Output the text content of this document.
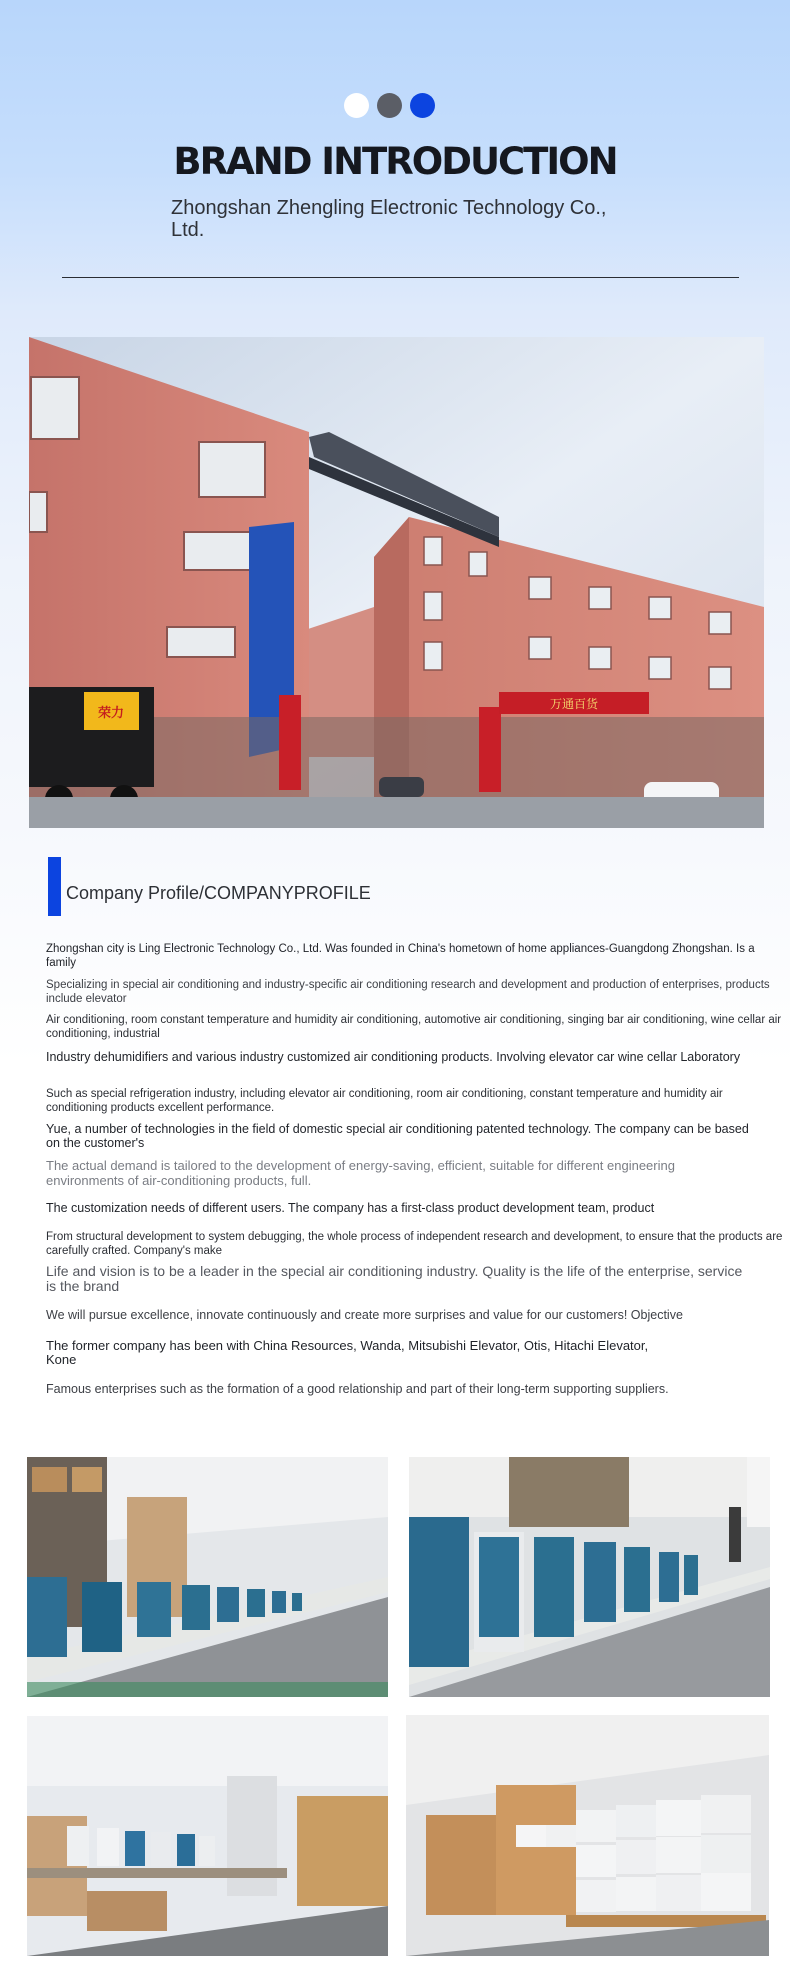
BRAND INTRODUCTION

Zhongshan Zhengling Electronic Technology Co., Ltd.

万通百货
荣力
Company Profile/COMPANYPROFILE

Zhongshan city is Ling Electronic Technology Co., Ltd. Was founded in China's hometown of home appliances-Guangdong Zhongshan. Is a family

Specializing in special air conditioning and industry-specific air conditioning research and development and production of enterprises, products include elevator

Air conditioning, room constant temperature and humidity air conditioning, automotive air conditioning, singing bar air conditioning, wine cellar air conditioning, industrial

Industry dehumidifiers and various industry customized air conditioning products. Involving elevator car wine cellar Laboratory

Such as special refrigeration industry, including elevator air conditioning, room air conditioning, constant temperature and humidity air conditioning products excellent performance.

Yue, a number of technologies in the field of domestic special air conditioning patented technology. The company can be based on the customer's

The actual demand is tailored to the development of energy-saving, efficient, suitable for different engineering environments of air-conditioning products, full.

The customization needs of different users. The company has a first-class product development team, product

From structural development to system debugging, the whole process of independent research and development, to ensure that the products are carefully crafted. Company's make

Life and vision is to be a leader in the special air conditioning industry. Quality is the life of the enterprise, service is the brand

We will pursue excellence, innovate continuously and create more surprises and value for our customers! Objective

The former company has been with China Resources, Wanda, Mitsubishi Elevator, Otis, Hitachi Elevator, Kone

Famous enterprises such as the formation of a good relationship and part of their long-term supporting suppliers.
